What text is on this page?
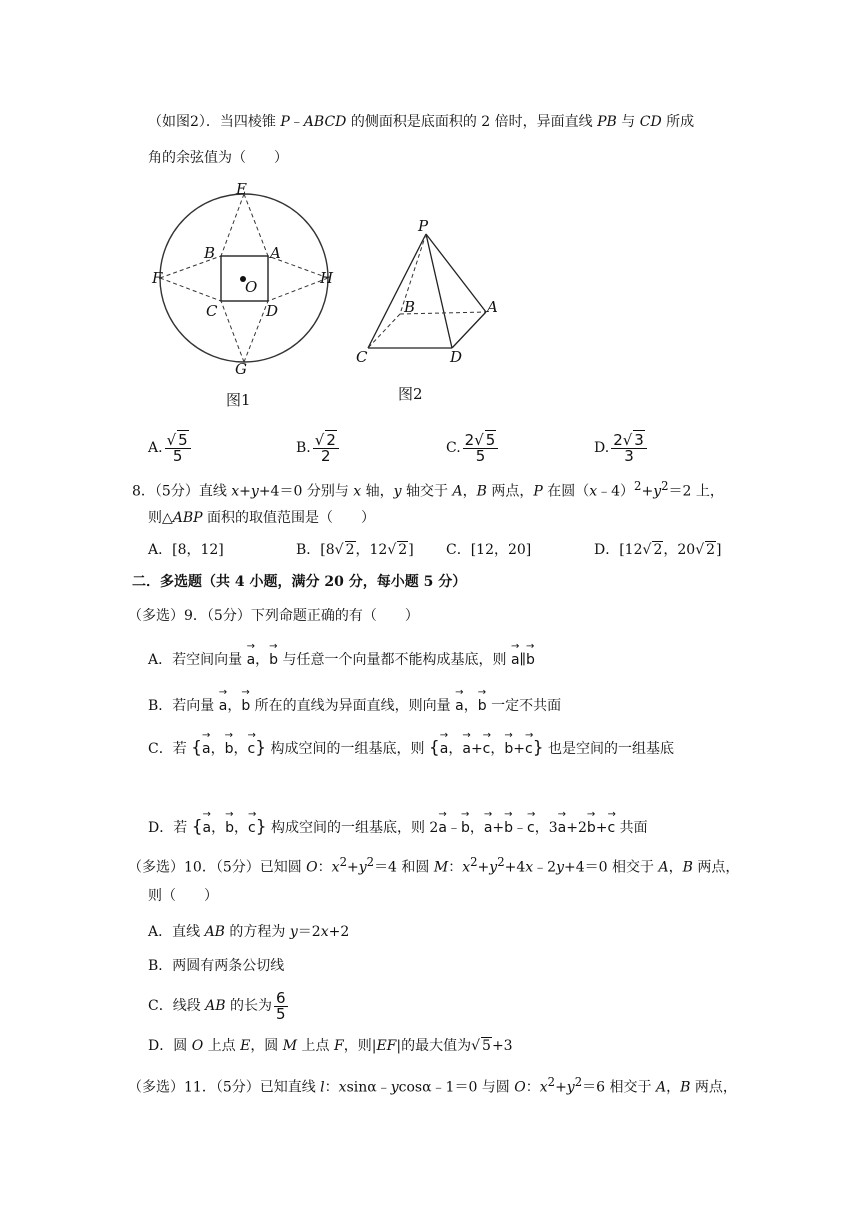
（如图2）．当四棱锥 P﹣ABCD 的侧面积是底面积的 2 倍时，异面直线 PB 与 CD 所成
角的余弦值为（　　）
E
F
G
H
A
B
C	D
O
图1
P
A
B
C	D
图2
A. $\frac{√ 5}{5}$	B. $\frac{√ 2}{2}$	C. $\frac{2√ 5}{5}$	D. $\frac{2√ 3}{3}$
8．（5分）直线 x+y+4＝0 分别与 x 轴，y 轴交于 A，B 两点，P 在圆$(x﹣4)^2+y^2=2$ 上，
则△ABP 面积的取值范围是（　　）
A．[8，12]	B．[8√ 2，12√ 2] C．[12，20]	D．[12√ 2，20√ 2]
二．多选题（共 4 小题，满分 20 分，每小题 5 分）
（多选）9．（5分）下列命题正确的有（　　）
A．若空间向量 → a，→ b 与任意一个向量都不能构成基底，则 → a∥→ b
B．若向量 → a，→ b 所在的直线为异面直线，则向量 → a，→ b 一定不共面
C．若 {→ a，→ b，→ c} 构成空间的一组基底，则 {→ a，→ a+→ c，→ b+→ c} 也是空间的一组基底
D．若 {→ a，→ b，→ c} 构成空间的一组基底，则 2→ a﹣→ b，→ a+→ b﹣→ c，3→ a+2→ b+→ c 共面
（多选）10．（5分）已知圆 O：$x^2+y^2=4$ 和圆 M：$x^2+y^2+4x﹣2y+4=0$ 相交于 A，B 两点，
则（　　）
A．直线 AB 的方程为 y＝2x+2
B．两圆有两条公切线
C．线段 AB 的长为 $\frac{6}{5}$
D．圆 O 上点 E，圆 M 上点 F，则|EF|的最大值为√ 5+3
（多选）11．（5分）已知直线 l：xsinα﹣ycosα﹣1＝0 与圆 O：$x^2+y^2=6$ 相交于 A，B 两点，
